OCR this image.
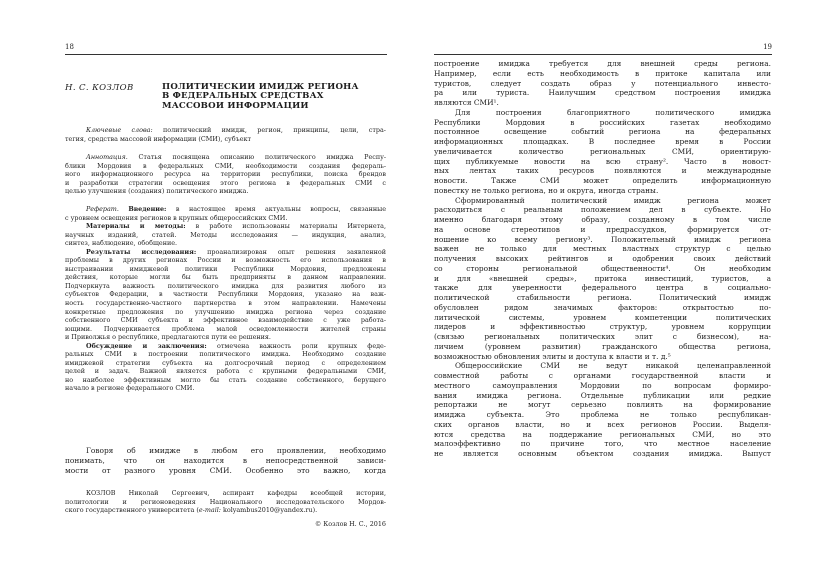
18
Н. С. КОЗЛОВ	ПОЛИТИЧЕСКИЙ ИМИДЖ РЕГИОНА
В ФЕДЕРАЛЬНЫХ СРЕДСТВАХ
МАССОВОЙ ИНФОРМАЦИИ
Ключевые слова: политический имидж, регион, принципы, цели, стра-
тегия, средства массовой информации (СМИ), субъект
Аннотация. Статья посвящена описанию политического имиджа Респу-
блики Мордовия в федеральных СМИ, необходимости создания федераль-
ного информационного ресурса на территории республики, поиска брендов
и разработки стратегии освещения этого региона в федеральных СМИ с
целью улучшения (создания) политического имиджа.
Реферат. Введение: в настоящее время актуальны вопросы, связанные
с уровнем освещения регионов в крупных общероссийских СМИ.
Материалы и методы: в работе использованы материалы Интернета,
научных изданий, статей. Методы исследования — индукция, анализ,
синтез, наблюдение, обобщение.
Результаты исследования: проанализирован опыт решения заявленной
проблемы в других регионах России и возможность его использования в
выстраивании имиджевой политики Республики Мордовия, предложены
действия, которые могли бы быть предприняты в данном направлении.
Подчеркнута важность политического имиджа для развития любого из
субъектов Федерации, в частности Республики Мордовия, указано на важ-
ность государственно-частного партнерства в этом направлении. Намечены
конкретные предложения по улучшению имиджа региона через создание
собственного СМИ субъекта и эффективное взаимодействие с уже работа-
ющими. Подчеркивается проблема малой осведомленности жителей страны
и Приволжья о республике, предлагаются пути ее решения.
Обсуждение и заключения: отмечена важность роли крупных феде-
ральных СМИ в построении политического имиджа. Необходимо создание
имиджевой стратегии субъекта на долгосрочный период с определением
целей и задач. Важной является работа с крупными федеральными СМИ,
но наиболее эффективным могло бы стать создание собственного, берущего
начало в регионе федерального СМИ.
Говоря об имидже в любом его проявлении, необходимо
понимать, что он находится в непосредственной зависи-
мости от разного уровня СМИ. Особенно это важно, когда
КОЗЛОВ Николай Сергеевич, аспирант кафедры всеобщей истории,
политологии и регионоведения Национального исследовательского Мордов-
ского государственного университета (e-mail: kolyambus2010@yandex.ru).
© Козлов Н. С., 2016
19
построение имиджа требуется для внешней среды региона.
Например, если есть необходимость в притоке капитала или
туристов, следует создать образ у потенциального инвесто-
ра или туриста. Наилучшим средством построения имиджа
являются СМИ¹.
Для построения благоприятного политического имиджа
Республики Мордовия в российских газетах необходимо
постоянное освещение событий региона на федеральных
информационных площадках. В последнее время в России
увеличивается количество региональных СМИ, ориентирую-
щих публикуемые новости на всю страну². Часто в новост-
ных лентах таких ресурсов появляются и международные
новости. Также СМИ может определить информационную
повестку не только региона, но и округа, иногда страны.
Сформированный политический имидж региона может
расходиться с реальным положением дел в субъекте. Но
именно благодаря этому образу, созданному в том числе
на основе стереотипов и предрассудков, формируется от-
ношение ко всему региону³. Положительный имидж региона
важен не только для местных властных структур с целью
получения высоких рейтингов и одобрения своих действий
со стороны региональной общественности⁴. Он необходим
и для «внешней среды», притока инвестиций, туристов, а
также для уверенности федерального центра в социально-
политической стабильности региона. Политический имидж
обусловлен рядом значимых факторов: открытостью по-
литической системы, уровнем компетенции политических
лидеров и эффективностью структур, уровнем коррупции
(связью региональных политических элит с бизнесом), на-
личием (уровнем развития) гражданского общества региона,
возможностью обновления элиты и доступа к власти и т. д.⁵
Общероссийские СМИ не ведут никакой целенаправленной
совместной работы с органами государственной власти и
местного самоуправления Мордовии по вопросам формиро-
вания имиджа региона. Отдельные публикации или редкие
репортажи не могут серьезно повлиять на формирование
имиджа субъекта. Это проблема не только республикан-
ских органов власти, но и всех регионов России. Выделя-
ются средства на поддержание региональных СМИ, но это
малоэффективно по причине того, что местное население
не является основным объектом создания имиджа. Выпуст
